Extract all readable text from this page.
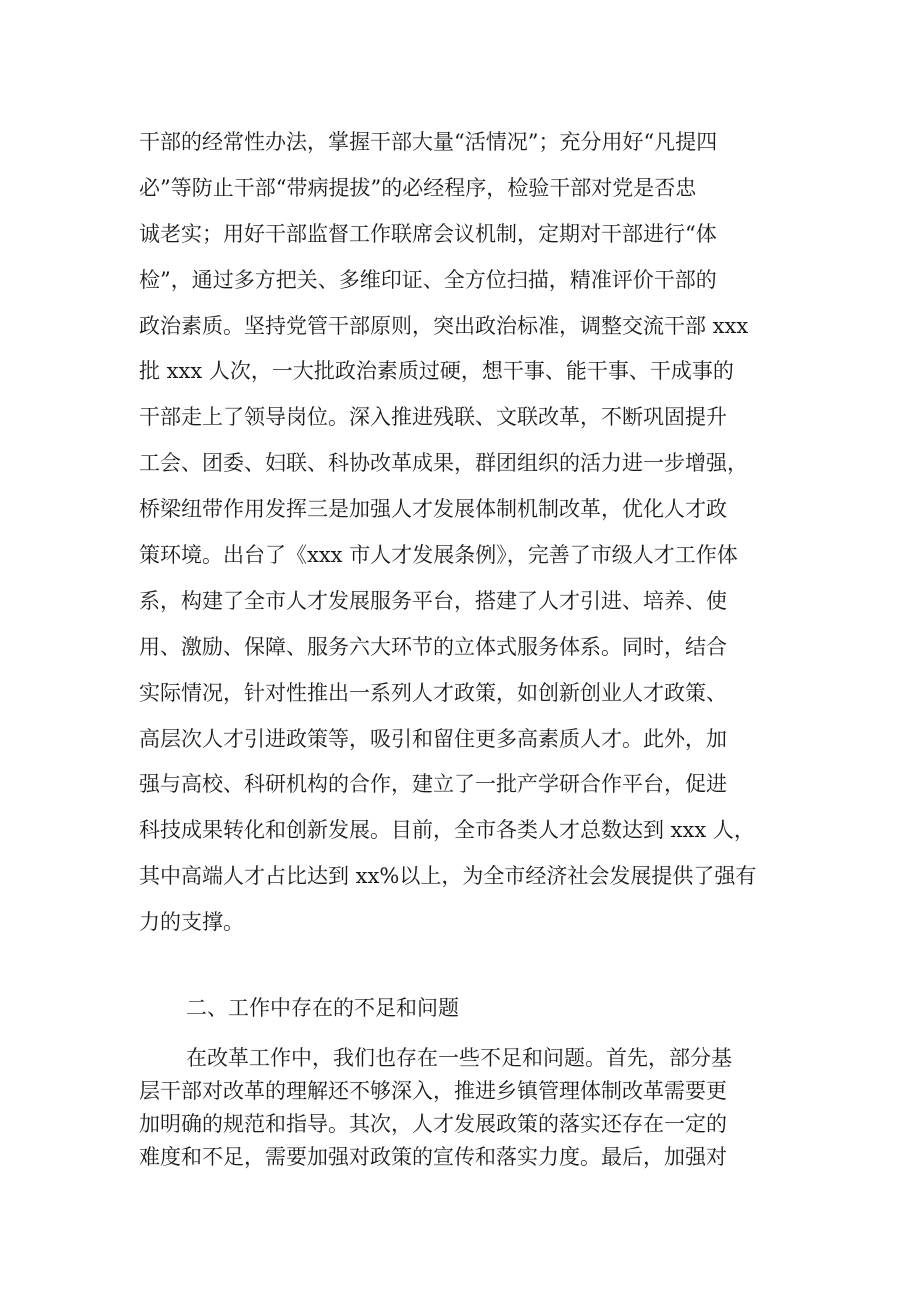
干部的经常性办法，掌握干部大量“活情况”；充分用好“凡提四
必”等防止干部“带病提拔”的必经程序，检验干部对党是否忠
诚老实；用好干部监督工作联席会议机制，定期对干部进行“体
检”，通过多方把关、多维印证、全方位扫描，精准评价干部的
政治素质。坚持党管干部原则，突出政治标准，调整交流干部 xxx
批 xxx 人次，一大批政治素质过硬，想干事、能干事、干成事的
干部走上了领导岗位。深入推进残联、文联改革，不断巩固提升
工会、团委、妇联、科协改革成果，群团组织的活力进一步增强，
桥梁纽带作用发挥三是加强人才发展体制机制改革，优化人才政
策环境。出台了《xxx 市人才发展条例》，完善了市级人才工作体
系，构建了全市人才发展服务平台，搭建了人才引进、培养、使
用、激励、保障、服务六大环节的立体式服务体系。同时，结合
实际情况，针对性推出一系列人才政策，如创新创业人才政策、
高层次人才引进政策等，吸引和留住更多高素质人才。此外，加
强与高校、科研机构的合作，建立了一批产学研合作平台，促进
科技成果转化和创新发展。目前，全市各类人才总数达到 xxx 人，
其中高端人才占比达到 xx%以上，为全市经济社会发展提供了强有
力的支撑。
二、工作中存在的不足和问题
在改革工作中，我们也存在一些不足和问题。首先，部分基
层干部对改革的理解还不够深入，推进乡镇管理体制改革需要更
加明确的规范和指导。其次，人才发展政策的落实还存在一定的
难度和不足，需要加强对政策的宣传和落实力度。最后，加强对
